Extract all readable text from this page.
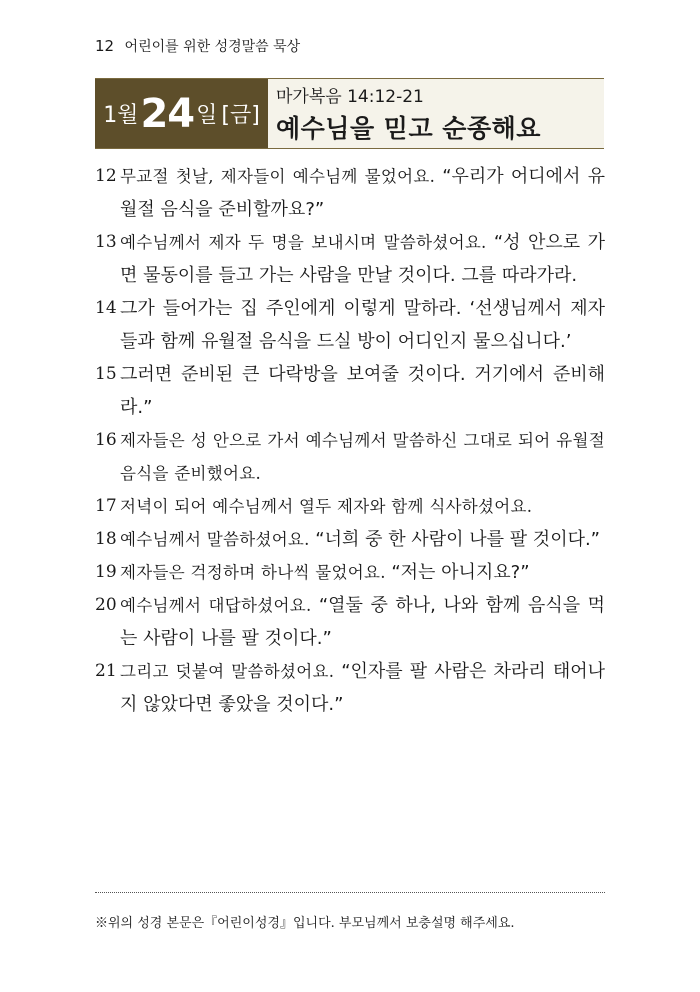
12 어린이를 위한 성경말씀 묵상
1월 24 일 [금]
마가복음 14:12-21
예수님을 믿고 순종해요
12 무교절 첫날, 제자들이 예수님께 물었어요. “우리가 어디에서 유월절 음식을 준비할까요?”
13 예수님께서 제자 두 명을 보내시며 말씀하셨어요. “성 안으로 가면 물동이를 들고 가는 사람을 만날 것이다. 그를 따라가라.
14 그가 들어가는 집 주인에게 이렇게 말하라. ‘선생님께서 제자들과 함께 유월절 음식을 드실 방이 어디인지 물으십니다.’
15 그러면 준비된 큰 다락방을 보여줄 것이다. 거기에서 준비해라.”
16 제자들은 성 안으로 가서 예수님께서 말씀하신 그대로 되어 유월절 음식을 준비했어요.
17 저녁이 되어 예수님께서 열두 제자와 함께 식사하셨어요.
18 예수님께서 말씀하셨어요. “너희 중 한 사람이 나를 팔 것이다.”
19 제자들은 걱정하며 하나씩 물었어요. “저는 아니지요?”
20 예수님께서 대답하셨어요. “열둘 중 하나, 나와 함께 음식을 먹는 사람이 나를 팔 것이다.”
21 그리고 덧붙여 말씀하셨어요. “인자를 팔 사람은 차라리 태어나지 않았다면 좋았을 것이다.”
※위의 성경 본문은『어린이성경』입니다. 부모님께서 보충설명 해주세요.
